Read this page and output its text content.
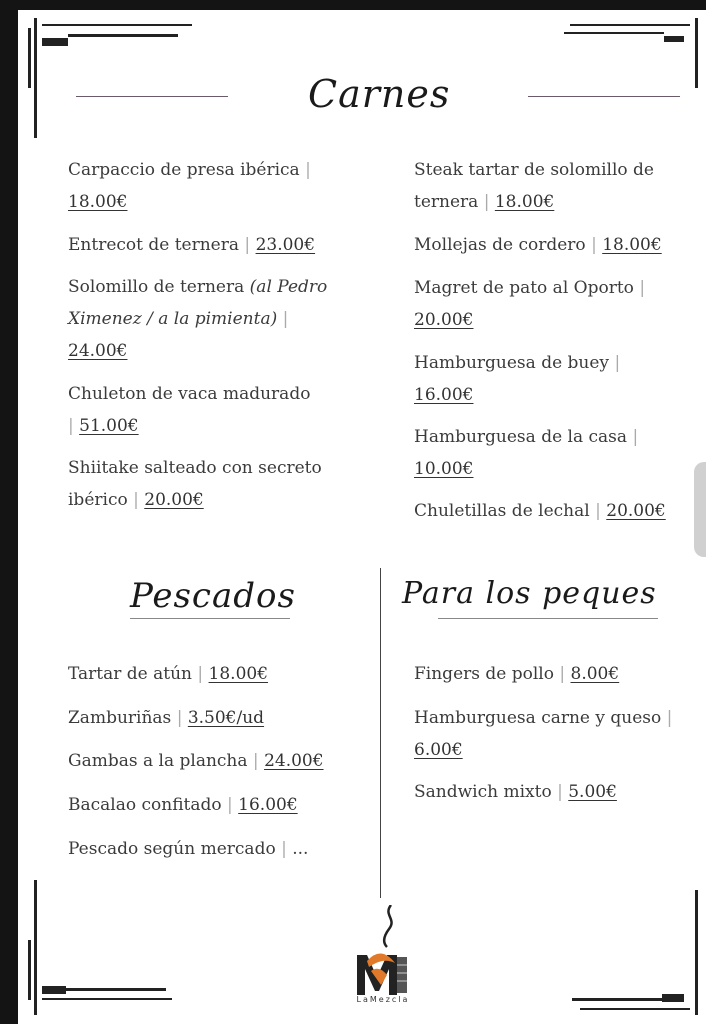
Carnes
Carpaccio de presa ibérica |
18.00€
Entrecot de ternera | 23.00€
Solomillo de ternera (al Pedro Ximenez / a la pimienta) |
24.00€
Chuleton de vaca madurado
| 51.00€
Shiitake salteado con secreto ibérico | 20.00€
Steak tartar de solomillo de ternera | 18.00€
Mollejas de cordero | 18.00€
Magret de pato al Oporto |
20.00€
Hamburguesa de buey |
16.00€
Hamburguesa de la casa |
10.00€
Chuletillas de lechal | 20.00€
Pescados
Tartar de atún | 18.00€
Zamburiñas | 3.50€/ud
Gambas a la plancha | 24.00€
Bacalao confitado | 16.00€
Pescado según mercado | ...
Para los peques
Fingers de pollo | 8.00€
Hamburguesa carne y queso |
6.00€
Sandwich mixto | 5.00€
LaMezcla
